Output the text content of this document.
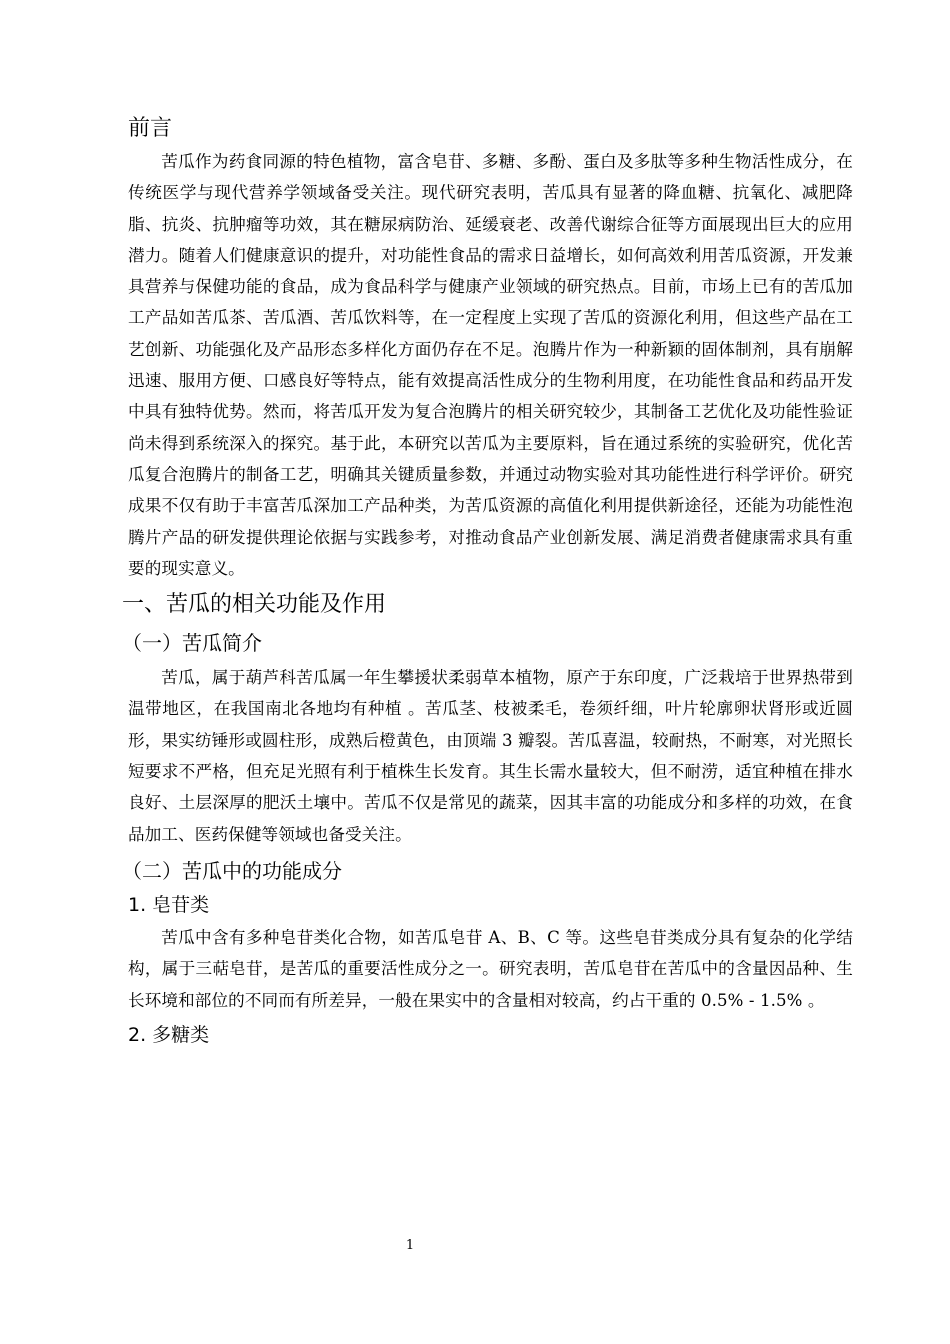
前言

苦瓜作为药食同源的特色植物，富含皂苷、多糖、多酚、蛋白及多肽等多种生物活性成分，在传统医学与现代营养学领域备受关注。现代研究表明，苦瓜具有显著的降血糖、抗氧化、减肥降脂、抗炎、抗肿瘤等功效，其在糖尿病防治、延缓衰老、改善代谢综合征等方面展现出巨大的应用潜力。随着人们健康意识的提升，对功能性食品的需求日益增长，如何高效利用苦瓜资源，开发兼具营养与保健功能的食品，成为食品科学与健康产业领域的研究热点。目前，市场上已有的苦瓜加工产品如苦瓜茶、苦瓜酒、苦瓜饮料等，在一定程度上实现了苦瓜的资源化利用，但这些产品在工艺创新、功能强化及产品形态多样化方面仍存在不足。泡腾片作为一种新颖的固体制剂，具有崩解迅速、服用方便、口感良好等特点，能有效提高活性成分的生物利用度，在功能性食品和药品开发中具有独特优势。然而，将苦瓜开发为复合泡腾片的相关研究较少，其制备工艺优化及功能性验证尚未得到系统深入的探究。基于此，本研究以苦瓜为主要原料，旨在通过系统的实验研究，优化苦瓜复合泡腾片的制备工艺，明确其关键质量参数，并通过动物实验对其功能性进行科学评价。研究成果不仅有助于丰富苦瓜深加工产品种类，为苦瓜资源的高值化利用提供新途径，还能为功能性泡腾片产品的研发提供理论依据与实践参考，对推动食品产业创新发展、满足消费者健康需求具有重要的现实意义。

一、苦瓜的相关功能及作用
（一）苦瓜简介

苦瓜，属于葫芦科苦瓜属一年生攀援状柔弱草本植物，原产于东印度，广泛栽培于世界热带到温带地区，在我国南北各地均有种植 。苦瓜茎、枝被柔毛，卷须纤细，叶片轮廓卵状肾形或近圆形，果实纺锤形或圆柱形，成熟后橙黄色，由顶端 3 瓣裂。苦瓜喜温，较耐热，不耐寒，对光照长短要求不严格，但充足光照有利于植株生长发育。其生长需水量较大，但不耐涝，适宜种植在排水良好、土层深厚的肥沃土壤中。苦瓜不仅是常见的蔬菜，因其丰富的功能成分和多样的功效，在食品加工、医药保健等领域也备受关注。

（二）苦瓜中的功能成分
1. 皂苷类

苦瓜中含有多种皂苷类化合物，如苦瓜皂苷 A、B、C 等。这些皂苷类成分具有复杂的化学结构，属于三萜皂苷，是苦瓜的重要活性成分之一。研究表明，苦瓜皂苷在苦瓜中的含量因品种、生长环境和部位的不同而有所差异，一般在果实中的含量相对较高，约占干重的 0.5% - 1.5% 。

2. 多糖类
1
